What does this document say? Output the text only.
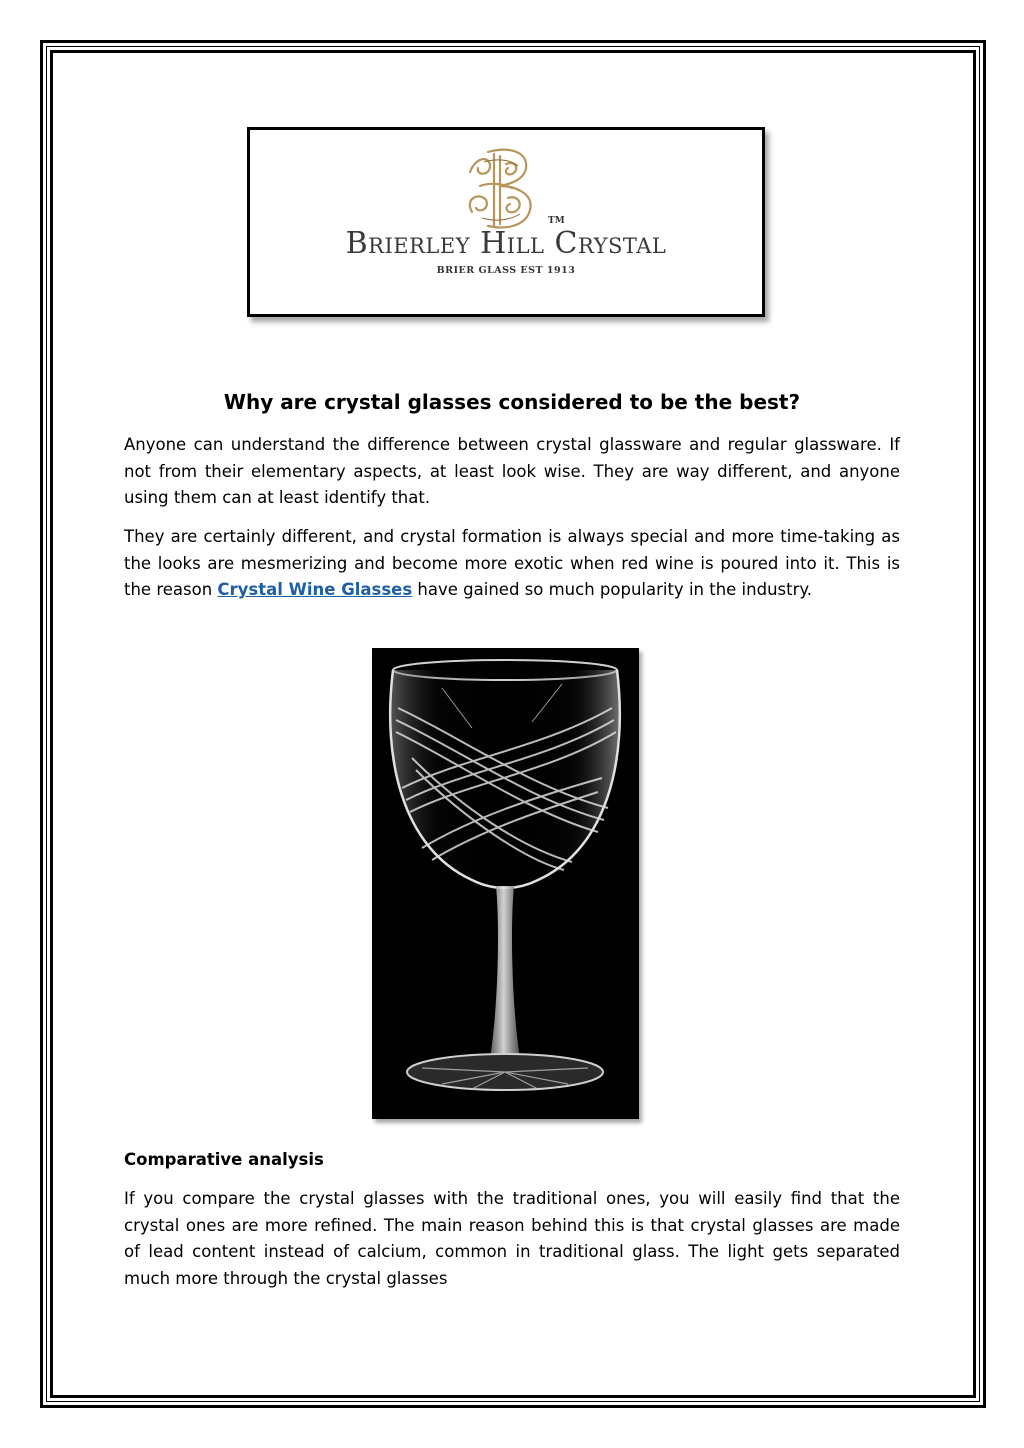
TM
Brierley Hill Crystal
BRIER GLASS EST 1913
Why are crystal glasses considered to be the best?

Anyone can understand the difference between crystal glassware and regular glassware. If not from their elementary aspects, at least look wise. They are way different, and anyone using them can at least identify that.

They are certainly different, and crystal formation is always special and more time-taking as the looks are mesmerizing and become more exotic when red wine is poured into it. This is the reason Crystal Wine Glasses have gained so much popularity in the industry.

Comparative analysis

If you compare the crystal glasses with the traditional ones, you will easily find that the crystal ones are more refined. The main reason behind this is that crystal glasses are made of lead content instead of calcium, common in traditional glass. The light gets separated much more through the crystal glasses
